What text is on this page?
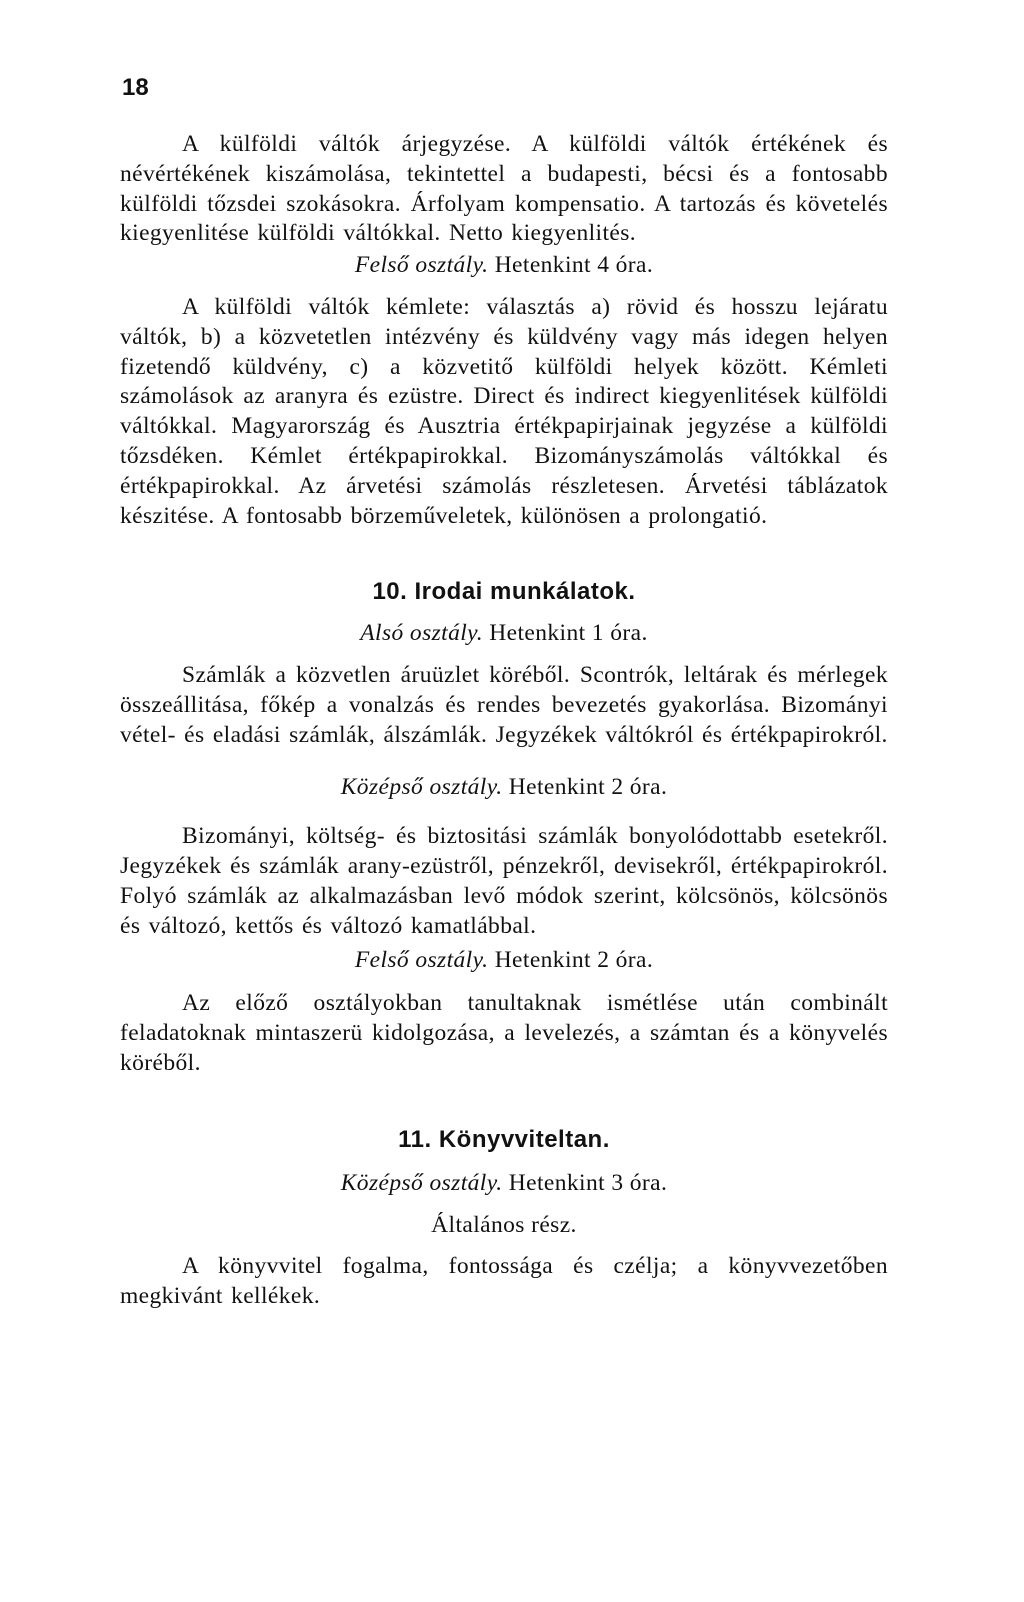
18

A külföldi váltók árjegyzése. A külföldi váltók értékének és névértékének kiszámolása, tekintettel a budapesti, bécsi és a fontosabb külföldi tőzsdei szokásokra. Árfolyam kompensatio. A tartozás és követelés kiegyenlitése külföldi váltókkal. Netto kiegyenlités.

Felső osztály. Hetenkint 4 óra.

A külföldi váltók kémlete: választás a) rövid és hosszu lejáratu váltók, b) a közvetetlen intézvény és küldvény vagy más idegen helyen fizetendő küldvény, c) a közvetitő külföldi helyek között. Kémleti számolások az aranyra és ezüstre. Direct és indirect kiegyenlitések külföldi váltókkal. Magyarország és Ausztria értékpapirjainak jegyzése a külföldi tőzsdéken. Kémlet értékpapirokkal. Bizományszámolás váltókkal és értékpapirokkal. Az árvetési számolás részletesen. Árvetési táblázatok készitése. A fontosabb börzeműveletek, különösen a prolongatió.

10. Irodai munkálatok.

Alsó osztály. Hetenkint 1 óra.

Számlák a közvetlen áruüzlet köréből. Scontrók, leltárak és mérlegek összeállitása, főkép a vonalzás és rendes bevezetés gyakorlása. Bizományi vétel- és eladási számlák, álszámlák. Jegyzékek váltókról és értékpapirokról.

Középső osztály. Hetenkint 2 óra.

Bizományi, költség- és biztositási számlák bonyolódottabb esetekről. Jegyzékek és számlák arany-ezüstről, pénzekről, devisekről, értékpapirokról. Folyó számlák az alkalmazásban levő módok szerint, kölcsönös, kölcsönös és változó, kettős és változó kamatlábbal.

Felső osztály. Hetenkint 2 óra.

Az előző osztályokban tanultaknak ismétlése után combinált feladatoknak mintaszerü kidolgozása, a levelezés, a számtan és a könyvelés köréből.

11. Könyvviteltan.

Középső osztály. Hetenkint 3 óra.

Általános rész.

A könyvvitel fogalma, fontossága és czélja; a könyvvezetőben megkivánt kellékek.
